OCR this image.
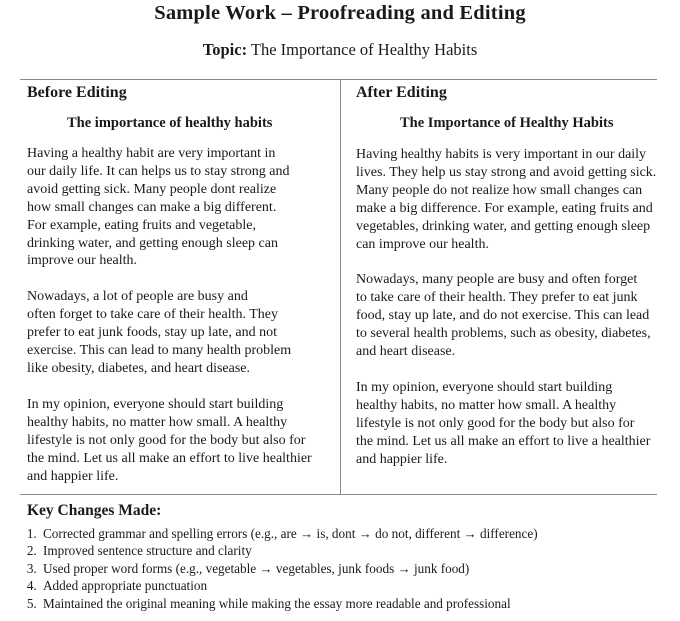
Sample Work – Proofreading and Editing
Topic: The Importance of Healthy Habits
Before Editing
The importance of healthy habits

Having a healthy habit are very important in
our daily life. It can helps us to stay strong and
avoid getting sick. Many people dont realize
how small changes can make a big different.
For example, eating fruits and vegetable,
drinking water, and getting enough sleep can
improve our health.

Nowadays, a lot of people are busy and
often forget to take care of their health. They
prefer to eat junk foods, stay up late, and not
exercise. This can lead to many health problem
like obesity, diabetes, and heart disease.

In my opinion, everyone should start building
healthy habits, no matter how small. A healthy
lifestyle is not only good for the body but also for
the mind. Let us all make an effort to live healthier
and happier life.

After Editing
The Importance of Healthy Habits

Having healthy habits is very important in our daily
lives. They help us stay strong and avoid getting sick.
Many people do not realize how small changes can
make a big difference. For example, eating fruits and
vegetables, drinking water, and getting enough sleep
can improve our health.

Nowadays, many people are busy and often forget
to take care of their health. They prefer to eat junk
food, stay up late, and do not exercise. This can lead
to several health problems, such as obesity, diabetes,
and heart disease.

In my opinion, everyone should start building
healthy habits, no matter how small. A healthy
lifestyle is not only good for the body but also for
the mind. Let us all make an effort to live a healthier
and happier life.

Key Changes Made:
1. Corrected grammar and spelling errors (e.g., are → is, dont → do not, different → difference)
2. Improved sentence structure and clarity
3. Used proper word forms (e.g., vegetable → vegetables, junk foods → junk food)
4. Added appropriate punctuation
5. Maintained the original meaning while making the essay more readable and professional
